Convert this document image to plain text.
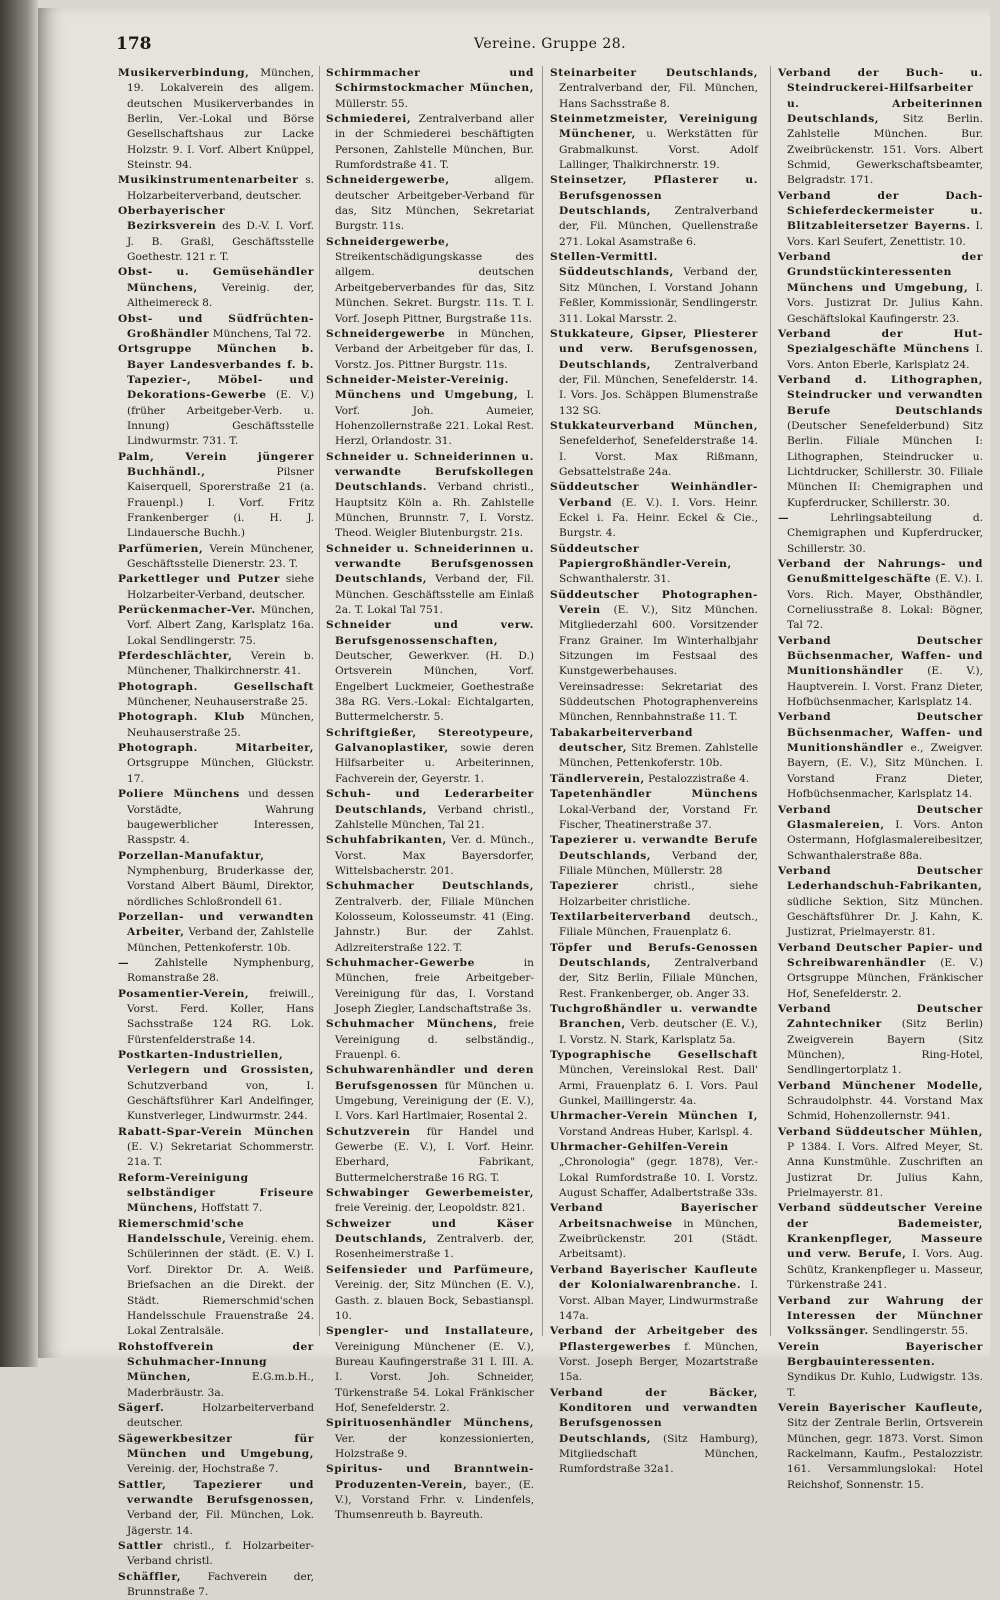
178	Vereine. Gruppe 28.

Musikerverbindung, München, 19. Lokalverein des allgem. deutschen Musikerverbandes in Berlin, Ver.-Lokal und Börse Gesellschaftshaus zur Lacke Holzstr. 9. I. Vorf. Albert Knüppel, Steinstr. 94.

Musikinstrumentenarbeiter s. Holzarbeiterverband, deutscher.

Oberbayerischer Bezirksverein des D.-V. I. Vorf. J. B. Graßl, Geschäftsstelle Goethestr. 121 r. T.

Obst- u. Gemüsehändler Münchens, Vereinig. der, Altheimereck 8.

Obst- und Südfrüchten-Großhändler Münchens, Tal 72.

Ortsgruppe München b. Bayer Landesverbandes f. b. Tapezier-, Möbel- und Dekorations-Gewerbe (E. V.) (früher Arbeitgeber-Verb. u. Innung) Geschäftsstelle Lindwurmstr. 731. T.

Palm, Verein jüngerer Buchhändl.,	Pilsner Kaiserquell, Sporerstraße 21 (a. Frauenpl.) I. Vorf. Fritz Frankenberger (i. H. J. Lindauersche Buchh.)

Parfümerien, Verein Münchener, Geschäftsstelle Dienerstr. 23. T.

Parkettleger und Putzer siehe Holzarbeiter-Verband, deutscher.

Perückenmacher-Ver. München, Vorf. Albert Zang, Karlsplatz 16a. Lokal Sendlingerstr. 75.

Pferdeschlächter, Verein b. Münchener, Thalkirchnerstr. 41.

Photograph. Gesellschaft Münchener, Neuhauserstraße 25.

Photograph. Klub München, Neuhauserstraße 25.

Photograph. Mitarbeiter, Ortsgruppe München, Glückstr. 17.

Poliere Münchens und dessen Vorstädte, Wahrung baugewerblicher Interessen, Rasspstr. 4.

Porzellan-Manufaktur, Nymphenburg, Bruderkasse der, Vorstand Albert Bäuml, Direktor, nördliches Schloßrondell 61.

Porzellan- und verwandten Arbeiter, Verband der, Zahlstelle München, Pettenkoferstr. 10b.

— Zahlstelle Nymphenburg, Romanstraße 28.

Posamentier-Verein, freiwill., Vorst. Ferd. Koller, Hans Sachsstraße 124 RG. Lok. Fürstenfelderstraße 14.

Postkarten-Industriellen, Verlegern und Grossisten, Schutzverband von, I. Geschäftsführer Karl Andelfinger, Kunstverleger, Lindwurmstr. 244.

Rabatt-Spar-Verein München (E. V.) Sekretariat Schommerstr. 21a. T.

Reform-Vereinigung selbständiger Friseure Münchens, Hoffstatt 7.

Riemerschmid'sche Handelsschule, Vereinig. ehem. Schülerinnen der städt. (E. V.) I. Vorf. Direktor Dr. A. Weiß. Briefsachen an die Direkt. der Städt. Riemerschmid'schen Handelsschule Frauenstraße 24. Lokal Zentralsäle.

Rohstoffverein der Schuhmacher-Innung München,	E.G.m.b.H., Maderbräustr. 3a.

Sägerf.	Holzarbeiterverband deutscher.

Sägewerkbesitzer für München und Umgebung, Vereinig. der, Hochstraße 7.

Sattler, Tapezierer und verwandte Berufsgenossen, Verband der, Fil. München, Lok. Jägerstr. 14.

Sattler christl., f. Holzarbeiter-Verband christl.

Schäffler,	Fachverein der, Brunnstraße 7.

Schirmmacher und Schirmstockmacher München, Müllerstr. 55.

Schmiederei, Zentralverband aller in der Schmiederei beschäftigten Personen, Zahlstelle München, Bur. Rumfordstraße 41. T.

Schneidergewerbe,	allgem. deutscher Arbeitgeber-Verband für das, Sitz München, Sekretariat Burgstr. 11s.

Schneidergewerbe, Streikentschädigungskasse des allgem. deutschen Arbeitgeberverbandes für das, Sitz München. Sekret. Burgstr. 11s. T. I. Vorf. Joseph Pittner, Burgstraße 11s.

Schneidergewerbe in München, Verband der Arbeitgeber für das, I. Vorstz. Jos. Pittner Burgstr. 11s.

Schneider-Meister-Vereinig. Münchens und Umgebung, I. Vorf. Joh. Aumeier, Hohenzollernstraße 221. Lokal Rest. Herzl, Orlandostr. 31.

Schneider u. Schneiderinnen u. verwandte Berufskollegen Deutschlands. Verband christl., Hauptsitz Köln a. Rh. Zahlstelle München, Brunnstr. 7, I. Vorstz. Theod. Weigler Blutenburgstr. 21s.

Schneider u. Schneiderinnen u. verwandte Berufsgenossen Deutschlands, Verband der, Fil. München. Geschäftsstelle am Einlaß 2a. T. Lokal Tal 751.

Schneider und verw. Berufsgenossenschaften, Deutscher, Gewerkver. (H. D.) Ortsverein München, Vorf. Engelbert Luckmeier, Goethestraße 38a RG. Vers.-Lokal: Eichtalgarten, Buttermelcherstr. 5.

Schriftgießer, Stereotypeure, Galvanoplastiker, sowie deren Hilfsarbeiter u. Arbeiterinnen, Fachverein der, Geyerstr. 1.

Schuh- und Lederarbeiter Deutschlands, Verband christl., Zahlstelle München, Tal 21.

Schuhfabrikanten, Ver. d. Münch., Vorst. Max Bayersdorfer, Wittelsbacherstr. 201.

Schuhmacher Deutschlands, Zentralverb. der, Filiale München Kolosseum, Kolosseumstr. 41 (Eing. Jahnstr.) Bur. der Zahlst. Adlzreiterstraße 122. T.

Schuhmacher-Gewerbe	in München, freie Arbeitgeber-Vereinigung für das, I. Vorstand Joseph Ziegler, Landschaftstraße 3s.

Schuhmacher Münchens, freie Vereinigung d. selbständig., Frauenpl. 6.

Schuhwarenhändler und deren Berufsgenossen für München u. Umgebung, Vereinigung der (E. V.), I. Vors. Karl Hartlmaier, Rosental 2.

Schutzverein für Handel und Gewerbe (E. V.), I. Vorf. Heinr. Eberhard, Fabrikant, Buttermelcherstraße 16 RG. T.

Schwabinger Gewerbemeister, freie Vereinig. der, Leopoldstr. 821.

Schweizer und Käser Deutschlands, Zentralverb. der, Rosenheimerstraße 1.

Seifensieder und Parfümeure, Vereinig. der, Sitz München (E. V.), Gasth. z. blauen Bock, Sebastianspl. 10.

Spengler- und Installateure, Vereinigung Münchener (E. V.), Bureau Kaufingerstraße 31 I. III. A. I. Vorst. Joh. Schneider, Türkenstraße 54. Lokal Fränkischer Hof, Senefelderstr. 2.

Spirituosenhändler Münchens, Ver. der konzessionierten, Holzstraße 9.

Spiritus- und Branntwein-Produzenten-Verein, bayer., (E. V.), Vorstand Frhr. v. Lindenfels, Thumsenreuth b. Bayreuth.

Steinarbeiter Deutschlands, Zentralverband der, Fil. München, Hans Sachsstraße 8.

Steinmetzmeister, Vereinigung Münchener, u. Werkstätten für Grabmalkunst. Vorst. Adolf Lallinger, Thalkirchnerstr. 19.

Steinsetzer, Pflasterer u. Berufsgenossen Deutschlands, Zentralverband der, Fil. München, Quellenstraße 271. Lokal Asamstraße 6.

Stellen-Vermittl. Süddeutschlands, Verband der, Sitz München, I. Vorstand Johann Feßler, Kommissionär, Sendlingerstr. 311. Lokal Marsstr. 2.

Stukkateure, Gipser, Pliesterer und verw. Berufsgenossen, Deutschlands, Zentralverband der, Fil. München, Senefelderstr. 14. I. Vors. Jos. Schäppen Blumenstraße 132 SG.

Stukkateurverband München, Senefelderhof, Senefelderstraße 14. I. Vorst. Max Rißmann, Gebsattelstraße 24a.

Süddeutscher Weinhändler-Verband (E. V.). I. Vors. Heinr. Eckel i. Fa. Heinr. Eckel & Cie., Burgstr. 4.

Süddeutscher Papiergroßhändler-Verein, Schwanthalerstr. 31.

Süddeutscher Photographen-Verein (E. V.), Sitz München. Mitgliederzahl 600. Vorsitzender Franz Grainer. Im Winterhalbjahr Sitzungen im Festsaal des Kunstgewerbehauses. Vereinsadresse: Sekretariat des Süddeutschen Photographenvereins München, Rennbahnstraße 11. T.

Tabakarbeiterverband deutscher, Sitz Bremen. Zahlstelle München, Pettenkoferstr. 10b.

Tändlerverein, Pestalozzistraße 4.

Tapetenhändler Münchens Lokal-Verband der, Vorstand Fr. Fischer, Theatinerstraße 37.

Tapezierer u. verwandte Berufe Deutschlands, Verband der, Filiale München, Müllerstr. 28

Tapezierer	christl., siehe Holzarbeiter christliche.

Textilarbeiterverband deutsch., Filiale München, Frauenplatz 6.

Töpfer und Berufs-Genossen Deutschlands, Zentralverband der, Sitz Berlin, Filiale München, Rest. Frankenberger, ob. Anger 33.

Tuchgroßhändler u. verwandte Branchen, Verb. deutscher (E. V.), I. Vorstz. N. Stark, Karlsplatz 5a.

Typographische Gesellschaft München, Vereinslokal Rest. Dall' Armi, Frauenplatz 6. I. Vors. Paul Gunkel, Maillingerstr. 4a.

Uhrmacher-Verein München I, Vorstand Andreas Huber, Karlspl. 4.

Uhrmacher-Gehilfen-Verein „Chronologia" (gegr. 1878), Ver.-Lokal Rumfordstraße 10. I. Vorstz. August Schaffer, Adalbertstraße 33s.

Verband Bayerischer Arbeitsnachweise in München, Zweibrückenstr. 201 (Städt. Arbeitsamt).

Verband Bayerischer Kaufleute der Kolonialwarenbranche. I. Vorst. Alban Mayer, Lindwurmstraße 147a.

Verband der Arbeitgeber des Pflastergewerbes f. München, Vorst. Joseph Berger, Mozartstraße 15a.

Verband der Bäcker, Konditoren und verwandten Berufsgenossen Deutschlands, (Sitz Hamburg), Mitgliedschaft München, Rumfordstraße 32a1.

Verband der Buch- u. Steindruckerei-Hilfsarbeiter u. Arbeiterinnen Deutschlands, Sitz Berlin. Zahlstelle München. Bur. Zweibrückenstr. 151. Vors. Albert Schmid, Gewerkschaftsbeamter, Belgradstr. 171.

Verband der Dach-Schieferdeckermeister u. Blitzableitersetzer Bayerns. I. Vors. Karl Seufert, Zenettistr. 10.

Verband der Grundstückinteressenten Münchens und Umgebung, I. Vors. Justizrat Dr. Julius Kahn. Geschäftslokal Kaufingerstr. 23.

Verband der Hut-Spezialgeschäfte Münchens I. Vors. Anton Eberle, Karlsplatz 24.

Verband d. Lithographen, Steindrucker und verwandten Berufe Deutschlands (Deutscher Senefelderbund) Sitz Berlin. Filiale München I: Lithographen, Steindrucker u. Lichtdrucker, Schillerstr. 30. Filiale München II: Chemigraphen und Kupferdrucker, Schillerstr. 30.

—	Lehrlingsabteilung d. Chemigraphen und Kupferdrucker, Schillerstr. 30.

Verband der Nahrungs- und Genußmittelgeschäfte (E. V.). I. Vors. Rich. Mayer, Obsthändler, Corneliusstraße 8. Lokal: Bögner, Tal 72.

Verband Deutscher Büchsenmacher, Waffen- und Munitionshändler (E. V.), Hauptverein. I. Vorst. Franz Dieter, Hofbüchsenmacher, Karlsplatz 14.

Verband Deutscher Büchsenmacher, Waffen- und Munitionshändler e., Zweigver. Bayern, (E. V.), Sitz München. I. Vorstand Franz Dieter, Hofbüchsenmacher, Karlsplatz 14.

Verband Deutscher Glasmalereien, I. Vors. Anton Ostermann, Hofglasmalereibesitzer, Schwanthalerstraße 88a.

Verband Deutscher Lederhandschuh-Fabrikanten, südliche Sektion, Sitz München. Geschäftsführer Dr. J. Kahn, K. Justizrat, Prielmayerstr. 81.

Verband Deutscher Papier- und Schreibwarenhändler (E. V.) Ortsgruppe München, Fränkischer Hof, Senefelderstr. 2.

Verband Deutscher Zahntechniker (Sitz Berlin) Zweigverein Bayern (Sitz München), Ring-Hotel, Sendlingertorplatz 1.

Verband Münchener Modelle, Schraudolphstr. 44. Vorstand Max Schmid, Hohenzollernstr. 941.

Verband Süddeutscher Mühlen, P 1384. I. Vors. Alfred Meyer, St. Anna Kunstmühle. Zuschriften an Justizrat Dr. Julius Kahn, Prielmayerstr. 81.

Verband süddeutscher Vereine der Bademeister, Krankenpfleger, Masseure und verw. Berufe, I. Vors. Aug. Schütz, Krankenpfleger u. Masseur, Türkenstraße 241.

Verband zur Wahrung der Interessen der Münchner Volkssänger. Sendlingerstr. 55.

Verein Bayerischer Bergbauinteressenten. Syndikus Dr. Kuhlo, Ludwigstr. 13s. T.

Verein Bayerischer Kaufleute, Sitz der Zentrale Berlin, Ortsverein München, gegr. 1873. Vorst. Simon Rackelmann, Kaufm., Pestalozzistr. 161. Versammlungslokal: Hotel Reichshof, Sonnenstr. 15.
